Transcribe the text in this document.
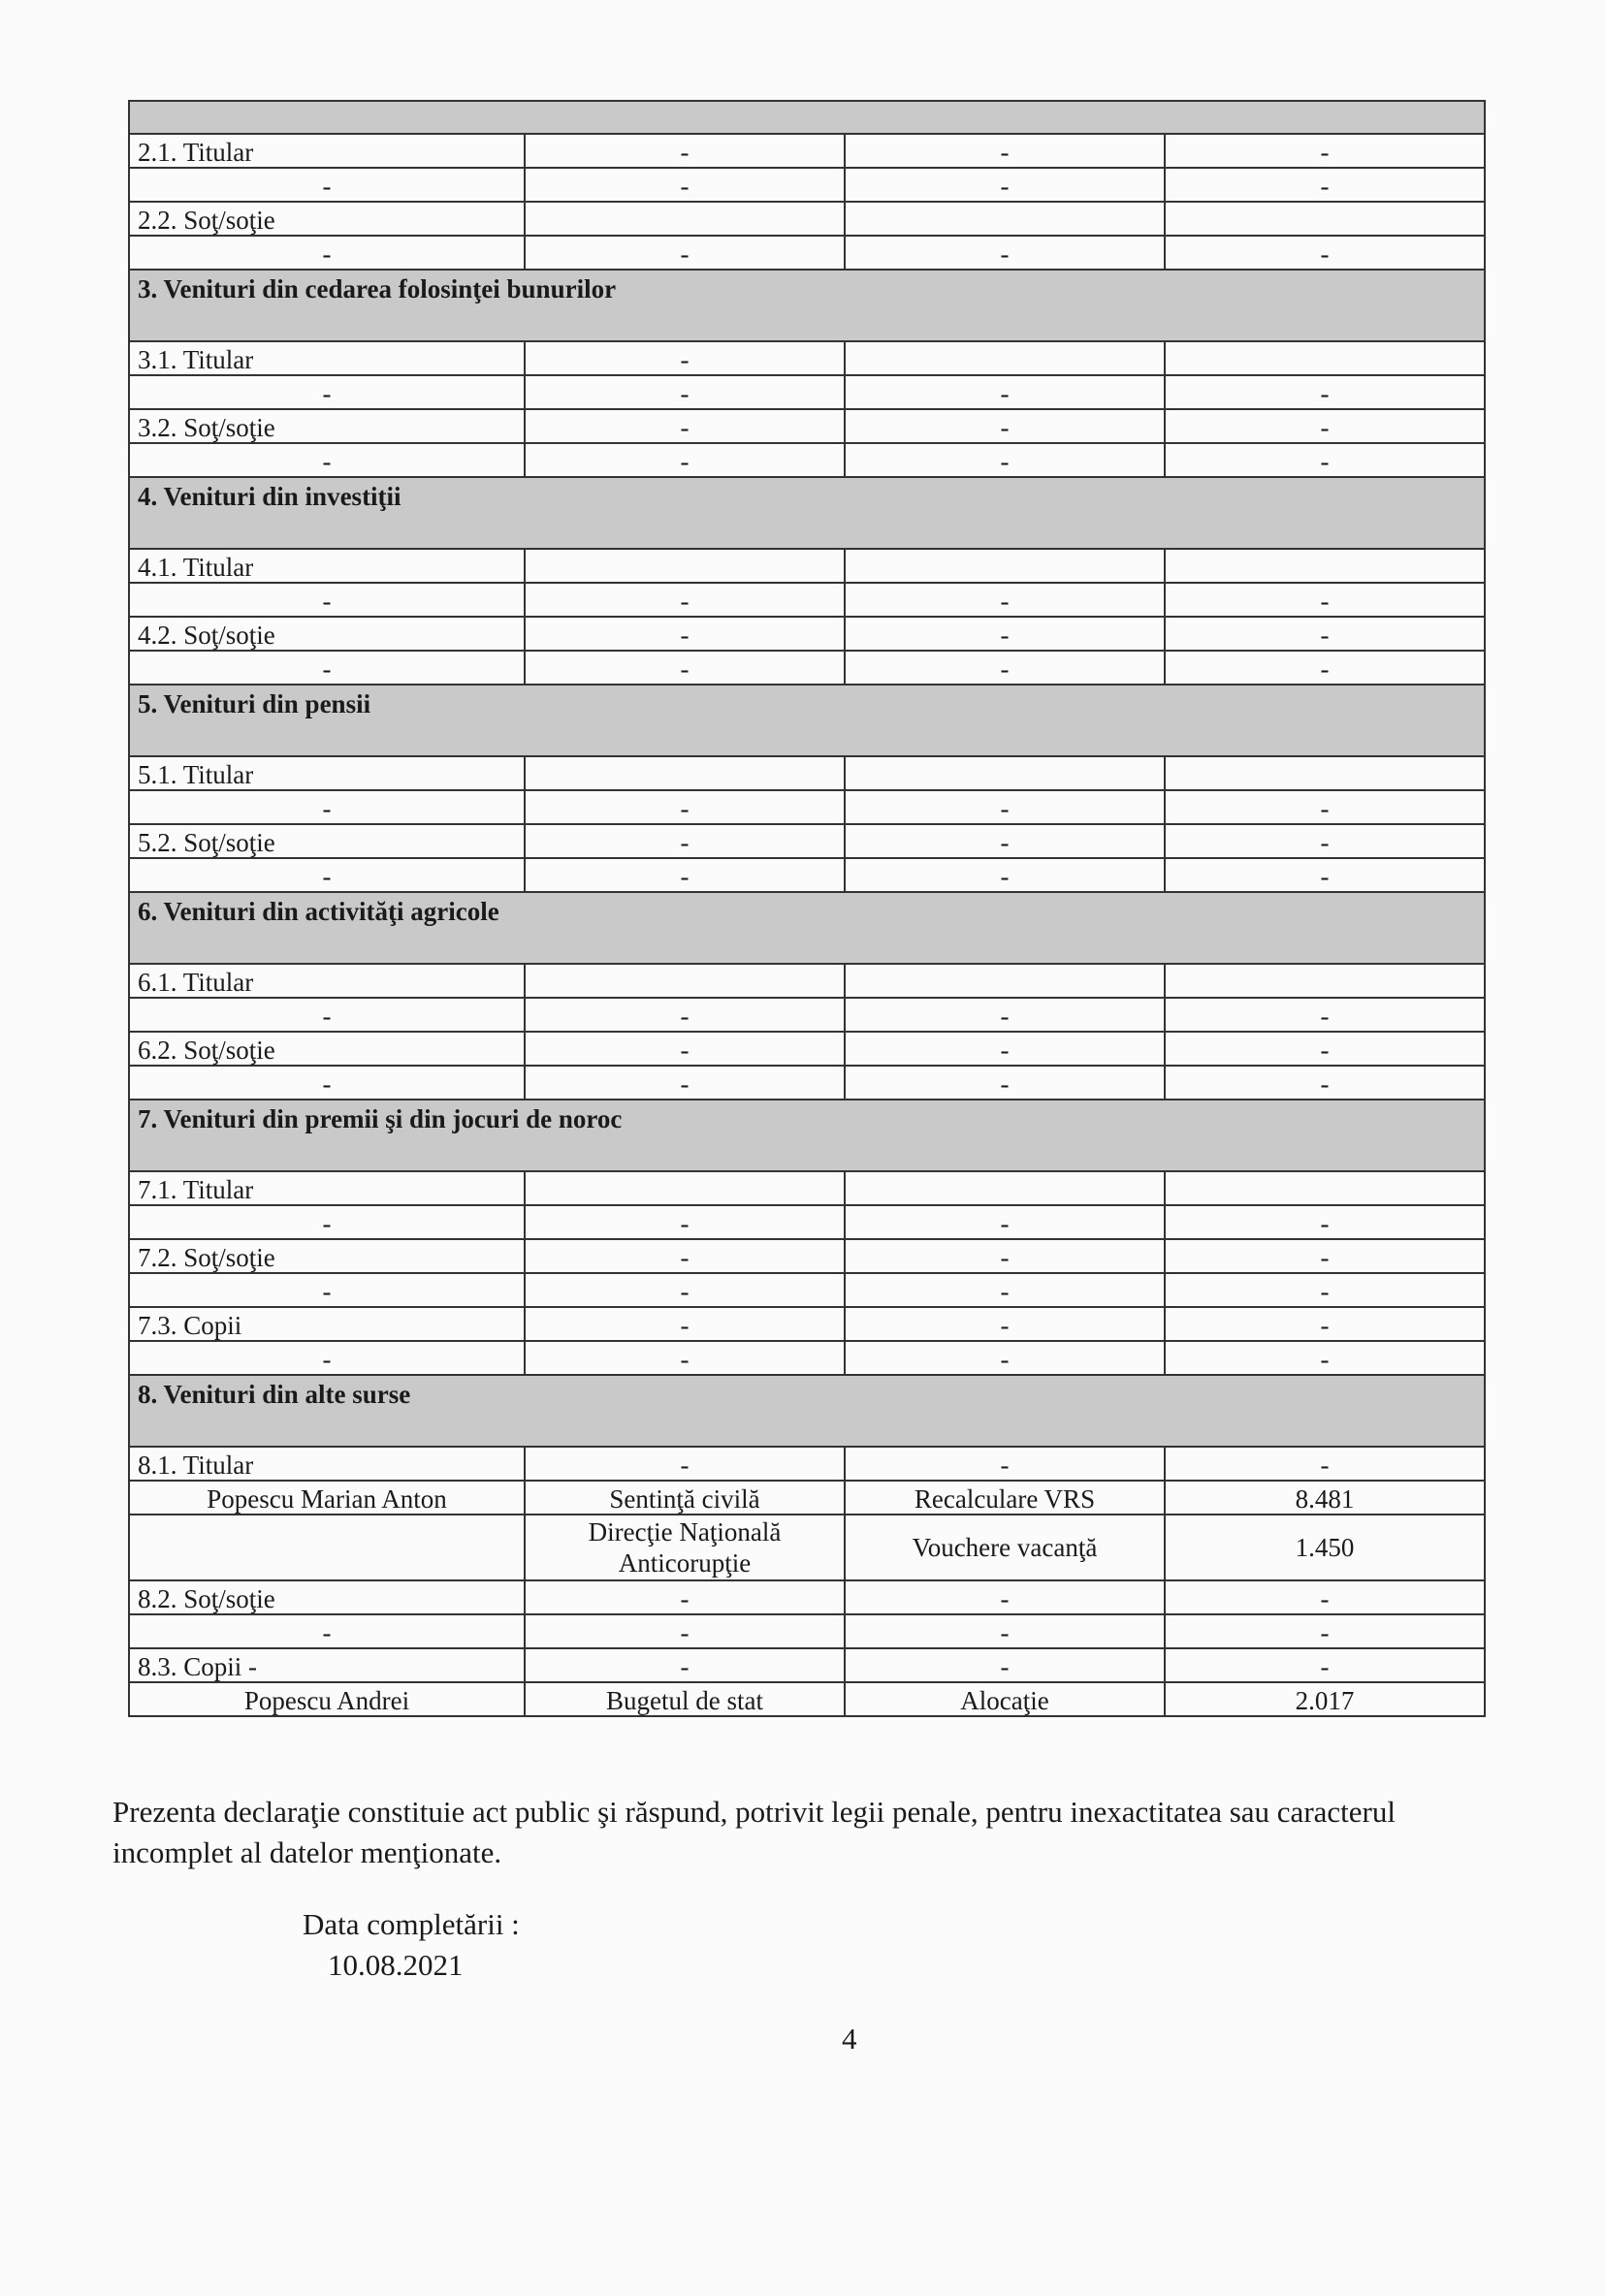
2.1. Titular	-	-	-
-	-	-	-
2.2. Soţ/soţie			
-	-	-	-
3. Venituri din cedarea folosinţei bunurilor			
3.1. Titular	-		
-	-	-	-
3.2. Soţ/soţie	-	-	-
-	-	-	-
4. Venituri din investiţii			
4.1. Titular			
-	-	-	-
4.2. Soţ/soţie	-	-	-
-	-	-	-
5. Venituri din pensii			
5.1. Titular			
-	-	-	-
5.2. Soţ/soţie	-	-	-
-	-	-	-
6. Venituri din activităţi agricole			
6.1. Titular			
-	-	-	-
6.2. Soţ/soţie	-	-	-
-	-	-	-
7. Venituri din premii şi din jocuri de noroc			
7.1. Titular			
-	-	-	-
7.2. Soţ/soţie	-	-	-
-	-	-	-
7.3. Copii	-	-	-
-	-	-	-
8. Venituri din alte surse			
8.1. Titular	-	-	-
Popescu Marian Anton	Sentinţă civilă	Recalculare VRS	8.481
	Direcţie Naţională Anticorupţie	Vouchere vacanţă	1.450
8.2. Soţ/soţie	-	-	-
-	-	-	-
8.3. Copii -	-	-	-
Popescu Andrei	Bugetul de stat	Alocaţie	2.017
Prezenta declaraţie constituie act public şi răspund, potrivit legii penale, pentru inexactitatea sau caracterul incomplet al datelor menţionate.
Data completării :
10.08.2021
4
